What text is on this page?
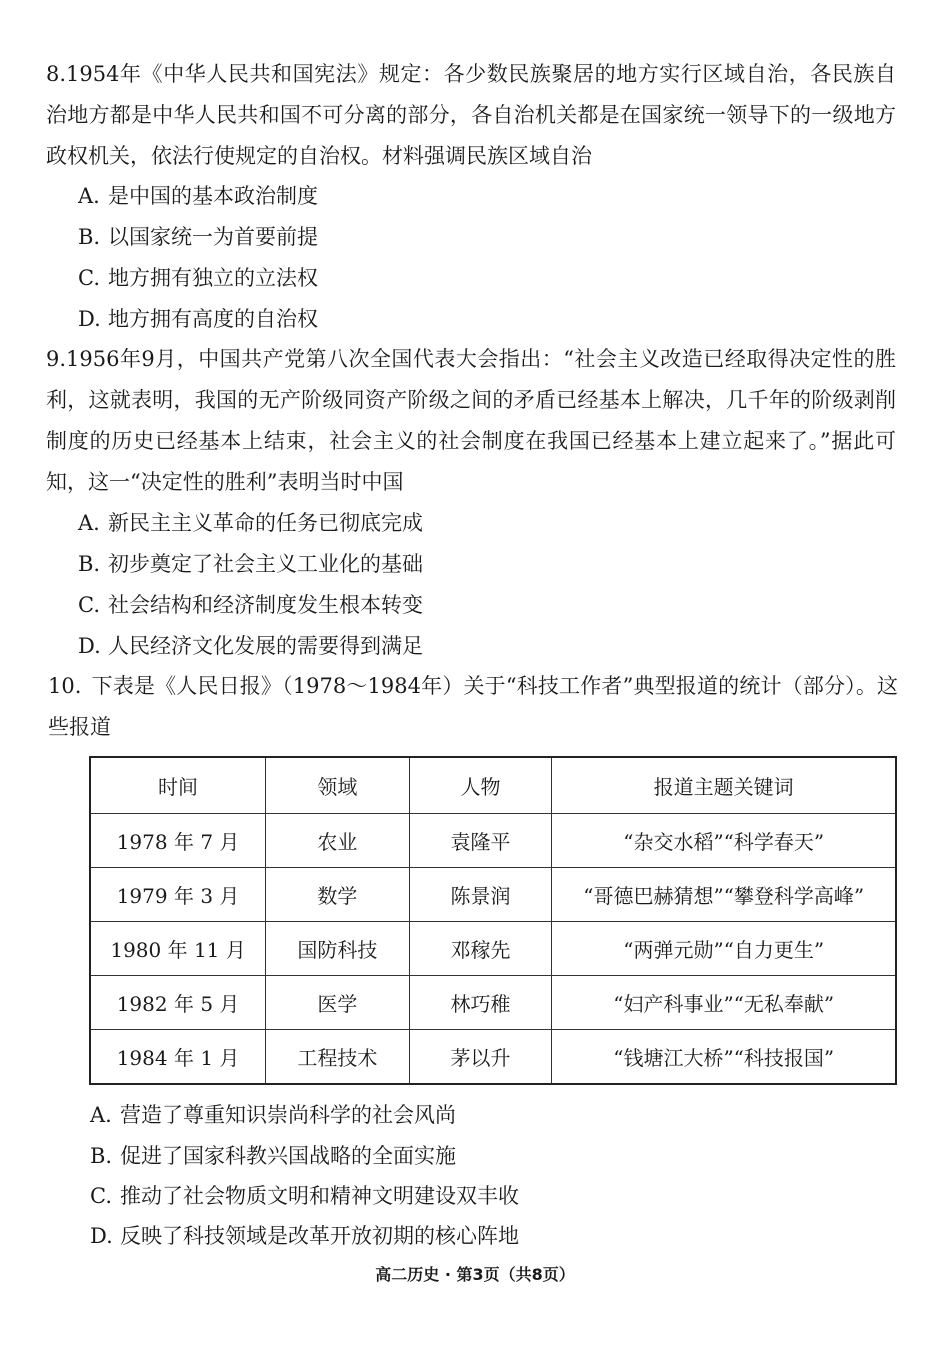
8.1954年《中华人民共和国宪法》规定：各少数民族聚居的地方实行区域自治，各民族自治地方都是中华人民共和国不可分离的部分，各自治机关都是在国家统一领导下的一级地方政权机关，依法行使规定的自治权。材料强调民族区域自治
A. 是中国的基本政治制度
B. 以国家统一为首要前提
C. 地方拥有独立的立法权
D. 地方拥有高度的自治权
9.1956年9月，中国共产党第八次全国代表大会指出：“社会主义改造已经取得决定性的胜利，这就表明，我国的无产阶级同资产阶级之间的矛盾已经基本上解决，几千年的阶级剥削制度的历史已经基本上结束，社会主义的社会制度在我国已经基本上建立起来了。”据此可知，这一“决定性的胜利”表明当时中国
A. 新民主主义革命的任务已彻底完成
B. 初步奠定了社会主义工业化的基础
C. 社会结构和经济制度发生根本转变
D. 人民经济文化发展的需要得到满足
10. 下表是《人民日报》（1978～1984年）关于“科技工作者”典型报道的统计（部分）。这些报道
时间	领域	人物	报道主题关键词
1978 年 7 月	农业	袁隆平	“杂交水稻”“科学春天”
1979 年 3 月	数学	陈景润	“哥德巴赫猜想”“攀登科学高峰”
1980 年 11 月	国防科技	邓稼先	“两弹元勋”“自力更生”
1982 年 5 月	医学	林巧稚	“妇产科事业”“无私奉献”
1984 年 1 月	工程技术	茅以升	“钱塘江大桥”“科技报国”
A. 营造了尊重知识崇尚科学的社会风尚
B. 促进了国家科教兴国战略的全面实施
C. 推动了社会物质文明和精神文明建设双丰收
D. 反映了科技领域是改革开放初期的核心阵地
高二历史 · 第3页（共8页）
